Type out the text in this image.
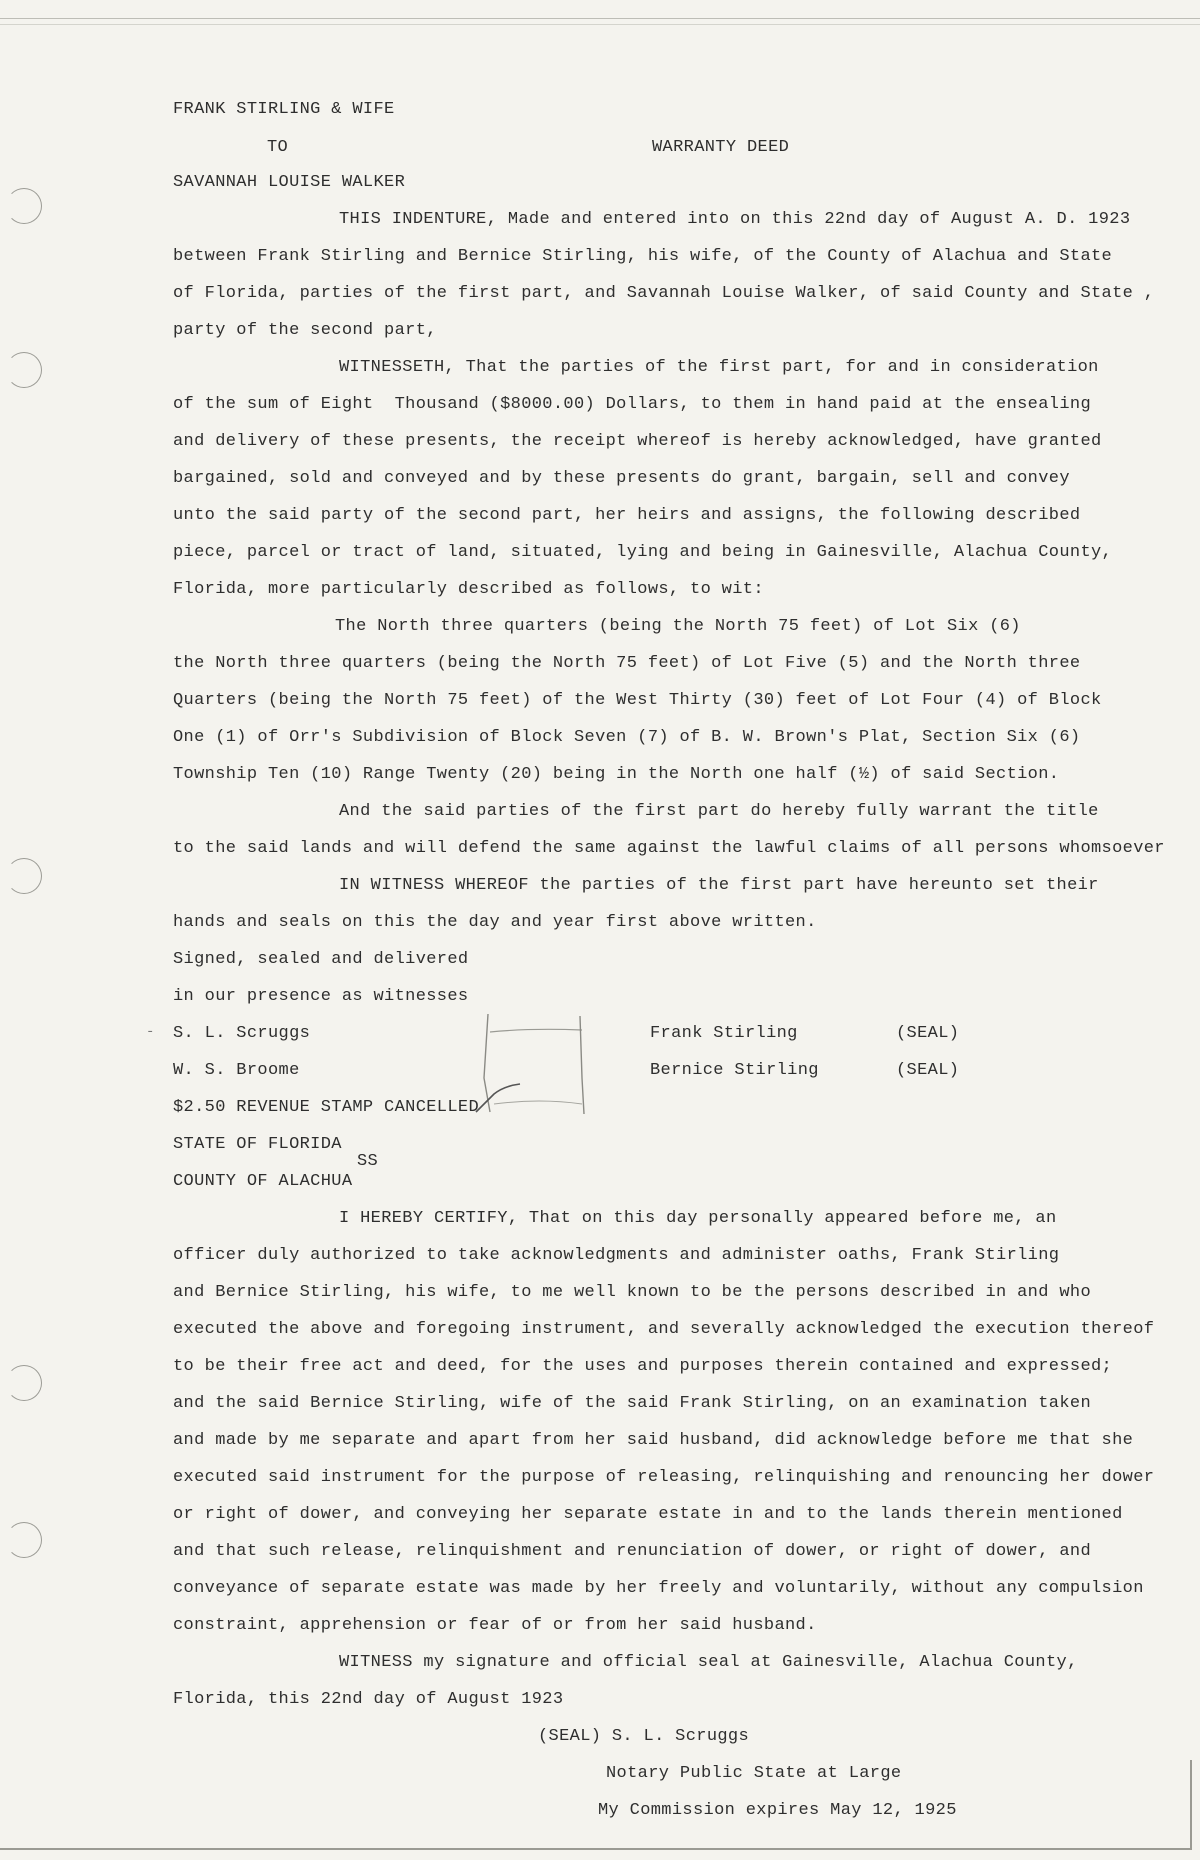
FRANK STIRLING & WIFE
TO	WARRANTY DEED
SAVANNAH LOUISE WALKER
THIS INDENTURE, Made and entered into on this 22nd day of August A. D. 1923
between Frank Stirling and Bernice Stirling, his wife, of the County of Alachua and State
of Florida, parties of the first part, and Savannah Louise Walker, of said County and State ,
party of the second part,
WITNESSETH, That the parties of the first part, for and in consideration
of the sum of Eight  Thousand ($8000.00) Dollars, to them in hand paid at the ensealing
and delivery of these presents, the receipt whereof is hereby acknowledged, have granted
bargained, sold and conveyed and by these presents do grant, bargain, sell and convey
unto the said party of the second part, her heirs and assigns, the following described
piece, parcel or tract of land, situated, lying and being in Gainesville, Alachua County,
Florida, more particularly described as follows, to wit:
The North three quarters (being the North 75 feet) of Lot Six (6)
the North three quarters (being the North 75 feet) of Lot Five (5) and the North three
Quarters (being the North 75 feet) of the West Thirty (30) feet of Lot Four (4) of Block
One (1) of Orr's Subdivision of Block Seven (7) of B. W. Brown's Plat, Section Six (6)
Township Ten (10) Range Twenty (20) being in the North one half (½) of said Section.
And the said parties of the first part do hereby fully warrant the title
to the said lands and will defend the same against the lawful claims of all persons whomsoever
IN WITNESS WHEREOF the parties of the first part have hereunto set their
hands and seals on this the day and year first above written.
Signed, sealed and delivered
in our presence as witnesses
- S. L. Scruggs
W. S. Broome
Frank Stirling
Bernice Stirling
(SEAL)
(SEAL)
$2.50 REVENUE STAMP CANCELLED
STATE OF FLORIDA
SS
COUNTY OF ALACHUA
I HEREBY CERTIFY, That on this day personally appeared before me, an
officer duly authorized to take acknowledgments and administer oaths, Frank Stirling
and Bernice Stirling, his wife, to me well known to be the persons described in and who
executed the above and foregoing instrument, and severally acknowledged the execution thereof
to be their free act and deed, for the uses and purposes therein contained and expressed;
and the said Bernice Stirling, wife of the said Frank Stirling, on an examination taken
and made by me separate and apart from her said husband, did acknowledge before me that she
executed said instrument for the purpose of releasing, relinquishing and renouncing her dower
or right of dower, and conveying her separate estate in and to the lands therein mentioned
and that such release, relinquishment and renunciation of dower, or right of dower, and
conveyance of separate estate was made by her freely and voluntarily, without any compulsion
constraint, apprehension or fear of or from her said husband.
WITNESS my signature and official seal at Gainesville, Alachua County,
Florida, this 22nd day of August 1923
(SEAL) S. L. Scruggs
Notary Public State at Large
My Commission expires May 12, 1925
